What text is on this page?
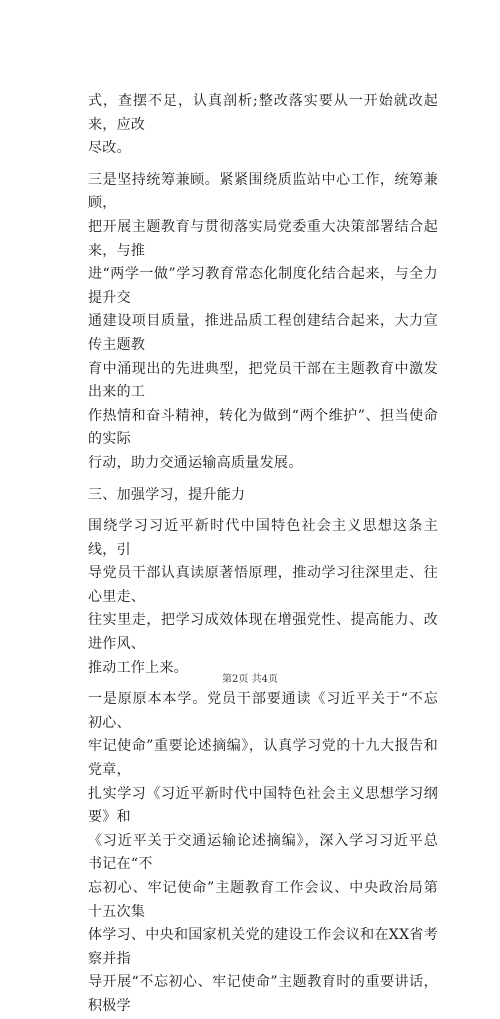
式，查摆不足，认真剖析;整改落实要从一开始就改起来，应改
尽改。

三是坚持统筹兼顾。紧紧围绕质监站中心工作，统筹兼顾，
把开展主题教育与贯彻落实局党委重大决策部署结合起来，与推
进“两学一做”学习教育常态化制度化结合起来，与全力提升交
通建设项目质量，推进品质工程创建结合起来，大力宣传主题教
育中涌现出的先进典型，把党员干部在主题教育中激发出来的工
作热情和奋斗精神，转化为做到“两个维护”、担当使命的实际
行动，助力交通运输高质量发展。

三、加强学习，提升能力

围绕学习习近平新时代中国特色社会主义思想这条主线，引
导党员干部认真读原著悟原理，推动学习往深里走、往心里走、
往实里走，把学习成效体现在增强党性、提高能力、改进作风、
推动工作上来。

一是原原本本学。党员干部要通读《习近平关于“不忘初心、
牢记使命”重要论述摘编》，认真学习党的十九大报告和党章，
扎实学习《习近平新时代中国特色社会主义思想学习纲要》和
《习近平关于交通运输论述摘编》，深入学习习近平总书记在“不
忘初心、牢记使命”主题教育工作会议、中央政治局第十五次集
体学习、中央和国家机关党的建设工作会议和在XX省考察并指
导开展“不忘初心、牢记使命”主题教育时的重要讲话，积极学

第2页 共4页
